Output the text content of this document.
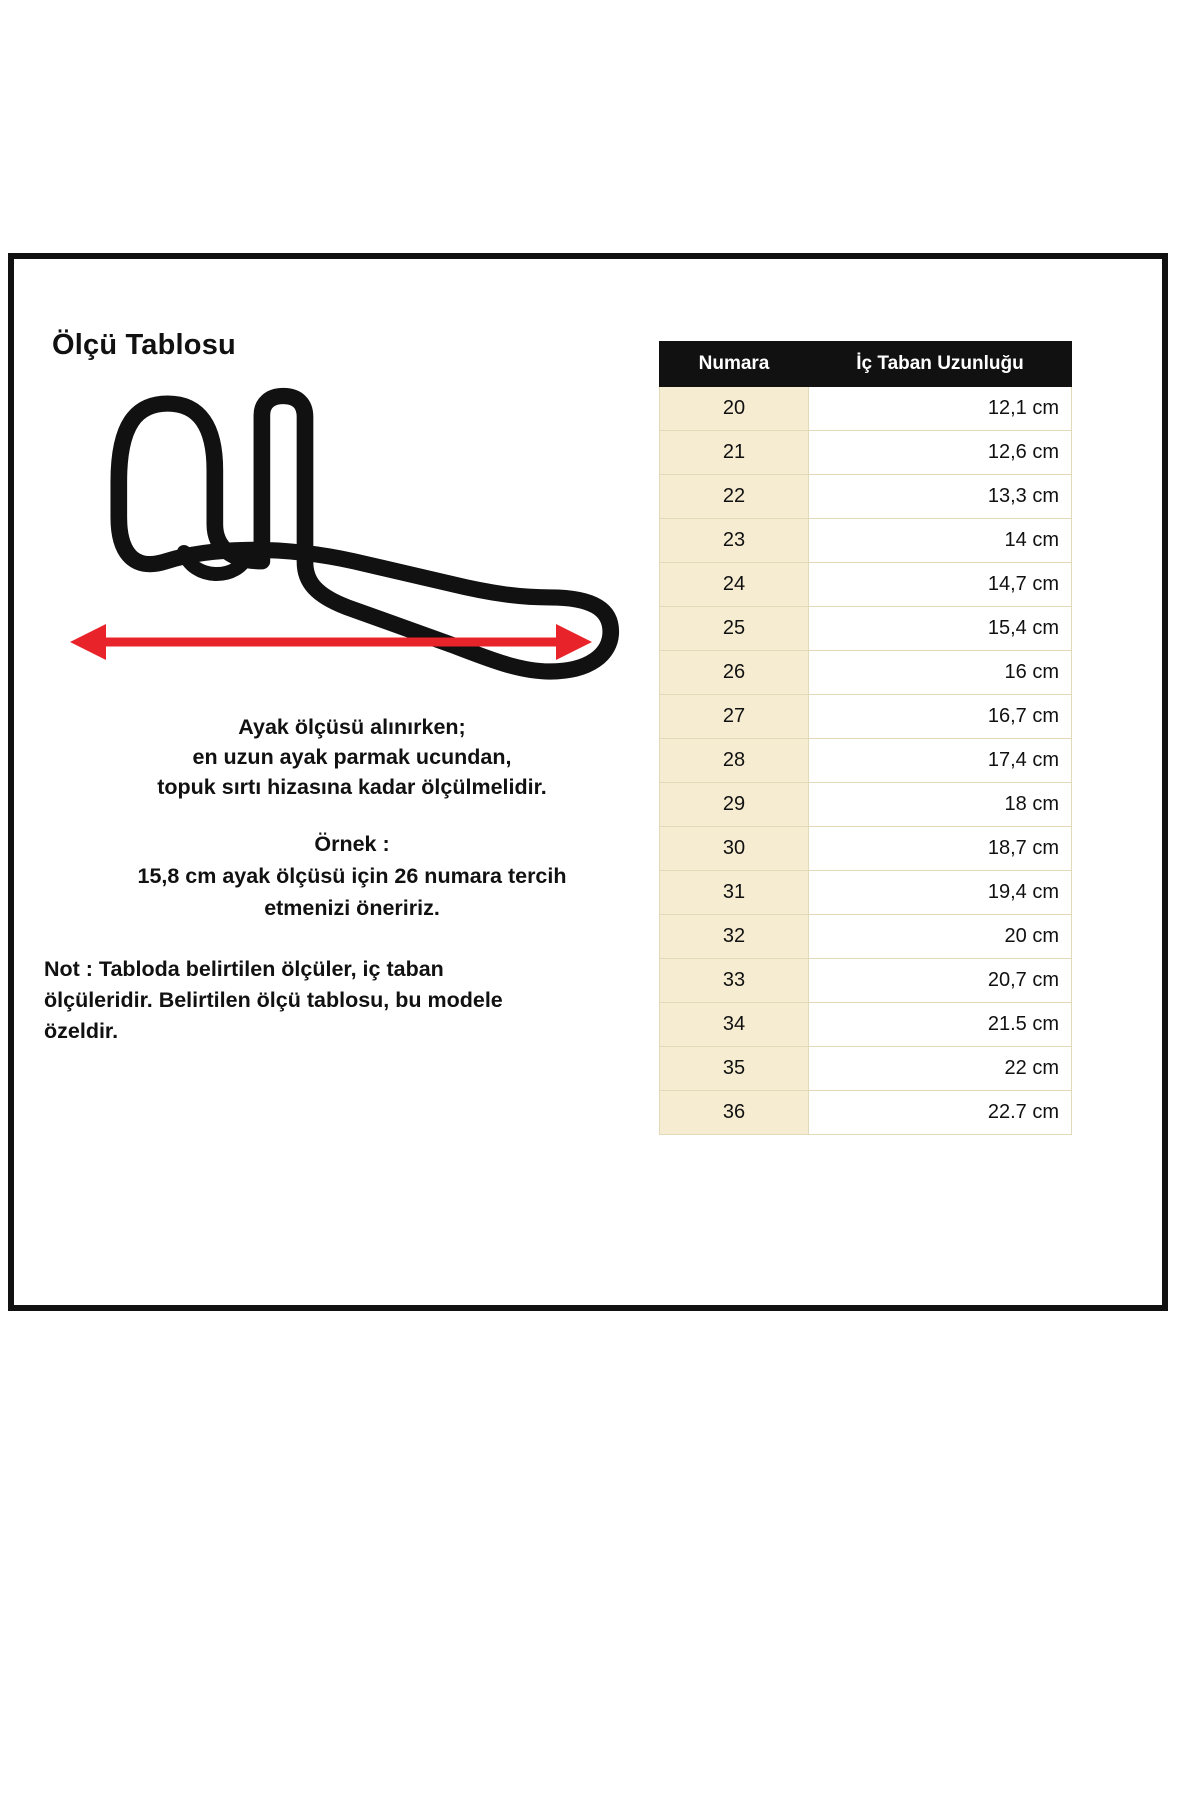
Ölçü Tablosu
Ayak ölçüsü alınırken;
en uzun ayak parmak ucundan,
topuk sırtı hizasına kadar ölçülmelidir.
Örnek :
15,8 cm ayak ölçüsü için 26 numara tercih
etmenizi öneririz.
Not : Tabloda belirtilen ölçüler, iç taban
ölçüleridir. Belirtilen ölçü tablosu, bu modele
özeldir.
Numara	İç Taban Uzunluğu
20	12,1 cm
21	12,6 cm
22	13,3 cm
23	14 cm
24	14,7 cm
25	15,4 cm
26	16 cm
27	16,7 cm
28	17,4 cm
29	18 cm
30	18,7 cm
31	19,4 cm
32	20 cm
33	20,7 cm
34	21.5 cm
35	22 cm
36	22.7 cm
